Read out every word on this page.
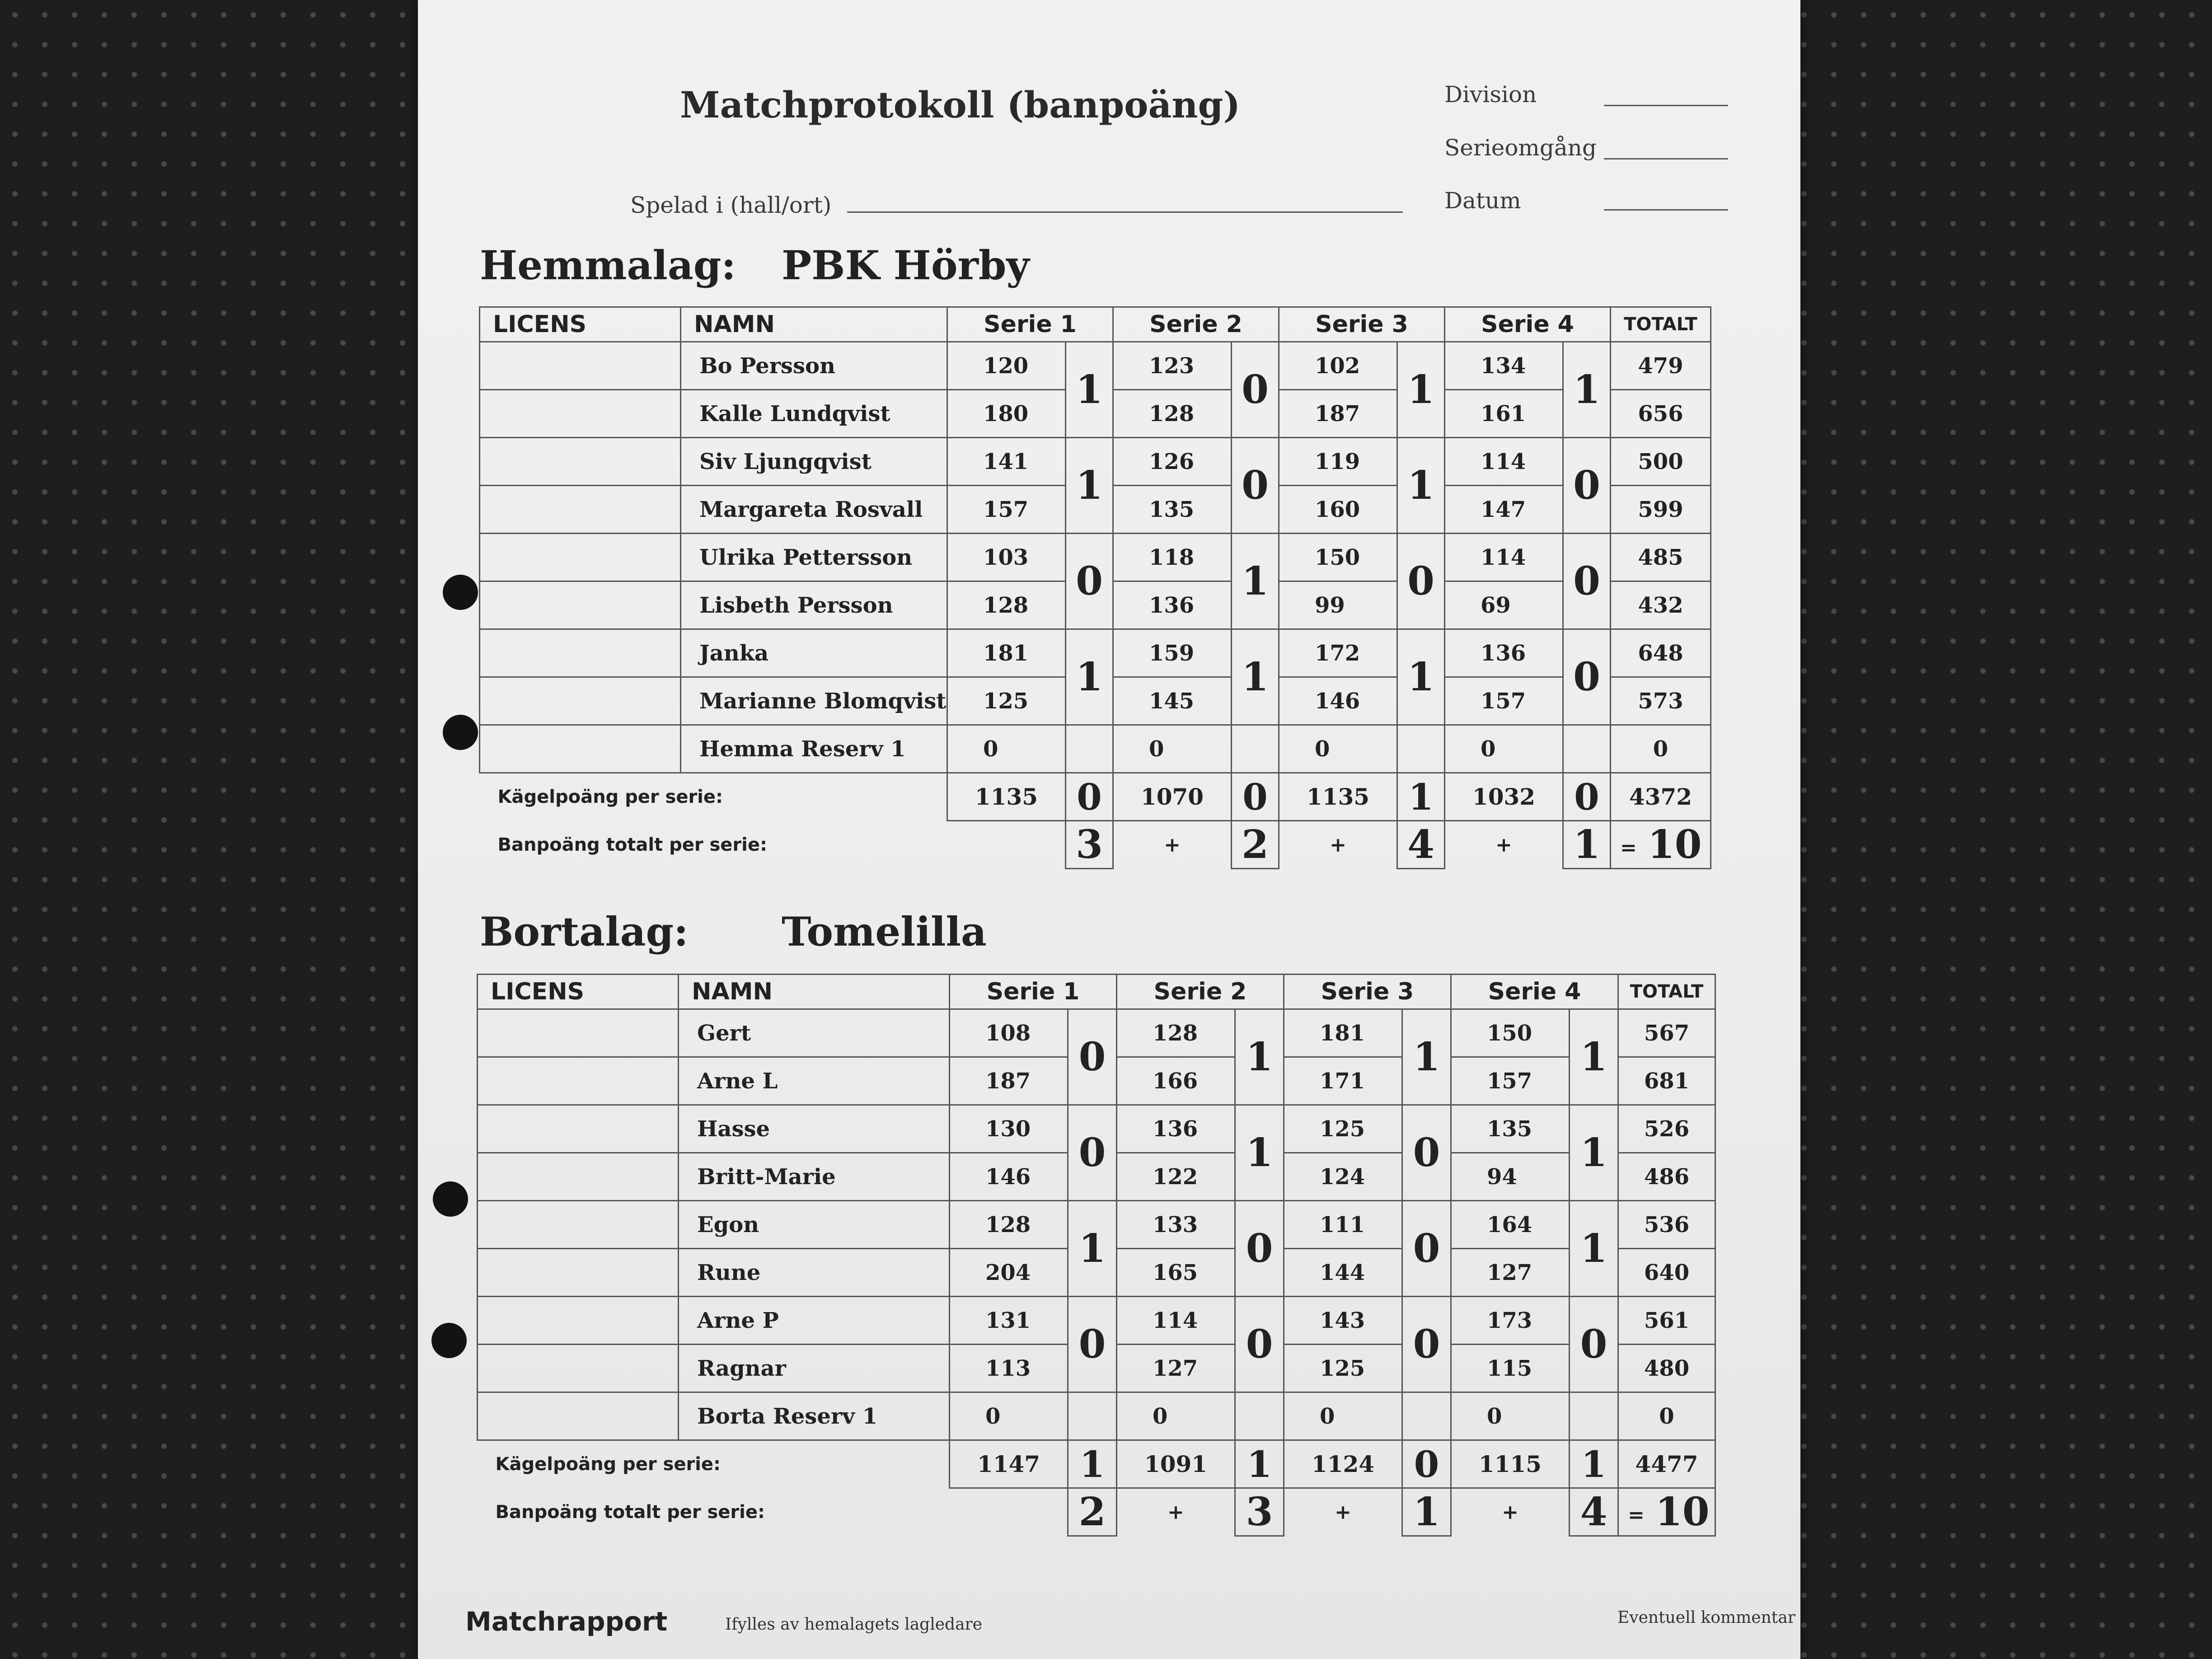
Matchprotokoll (banpoäng)	Division
Serieomgång
Spelad i (hall/ort)	Datum
Hemmalag: PBK Hörby
LICENS	NAMN	Serie 1		Serie 2		Serie 3		Serie 4		TOTALT
	Bo Persson	120	1	123	0	102	1	134	1	479
	Kalle Lundqvist	180		128		187		161		656
	Siv Ljungqvist	141	1	126	0	119	1	114	0	500
	Margareta Rosvall	157		135		160		147		599
	Ulrika Pettersson	103	0	118	1	150	0	114	0	485
	Lisbeth Persson	128		136		99		69		432
	Janka	181	1	159	1	172	1	136	0	648
	Marianne Blomqvist	125		145		146		157		573
	Hemma Reserv 1	0		0		0		0		0
Kägelpoäng per serie:		1135	0	1070	0	1135	1	1032	0	4372
Banpoäng totalt per serie:			3	+	2	+	4	+	1	= 10
Bortalag: Tomelilla
LICENS	NAMN	Serie 1		Serie 2		Serie 3		Serie 4		TOTALT
	Gert	108	0	128	1	181	1	150	1	567
	Arne L	187		166		171		157		681
	Hasse	130	0	136	1	125	0	135	1	526
	Britt-Marie	146		122		124		94		486
	Egon	128	1	133	0	111	0	164	1	536
	Rune	204		165		144		127		640
	Arne P	131	0	114	0	143	0	173	0	561
	Ragnar	113		127		125		115		480
	Borta Reserv 1	0		0		0		0		0
Kägelpoäng per serie:		1147	1	1091	1	1124	0	1115	1	4477
Banpoäng totalt per serie:			2	+	3	+	1	+	4	= 10
Matchrapport	Ifylles av hemalagets lagledare	Eventuell kommentar
